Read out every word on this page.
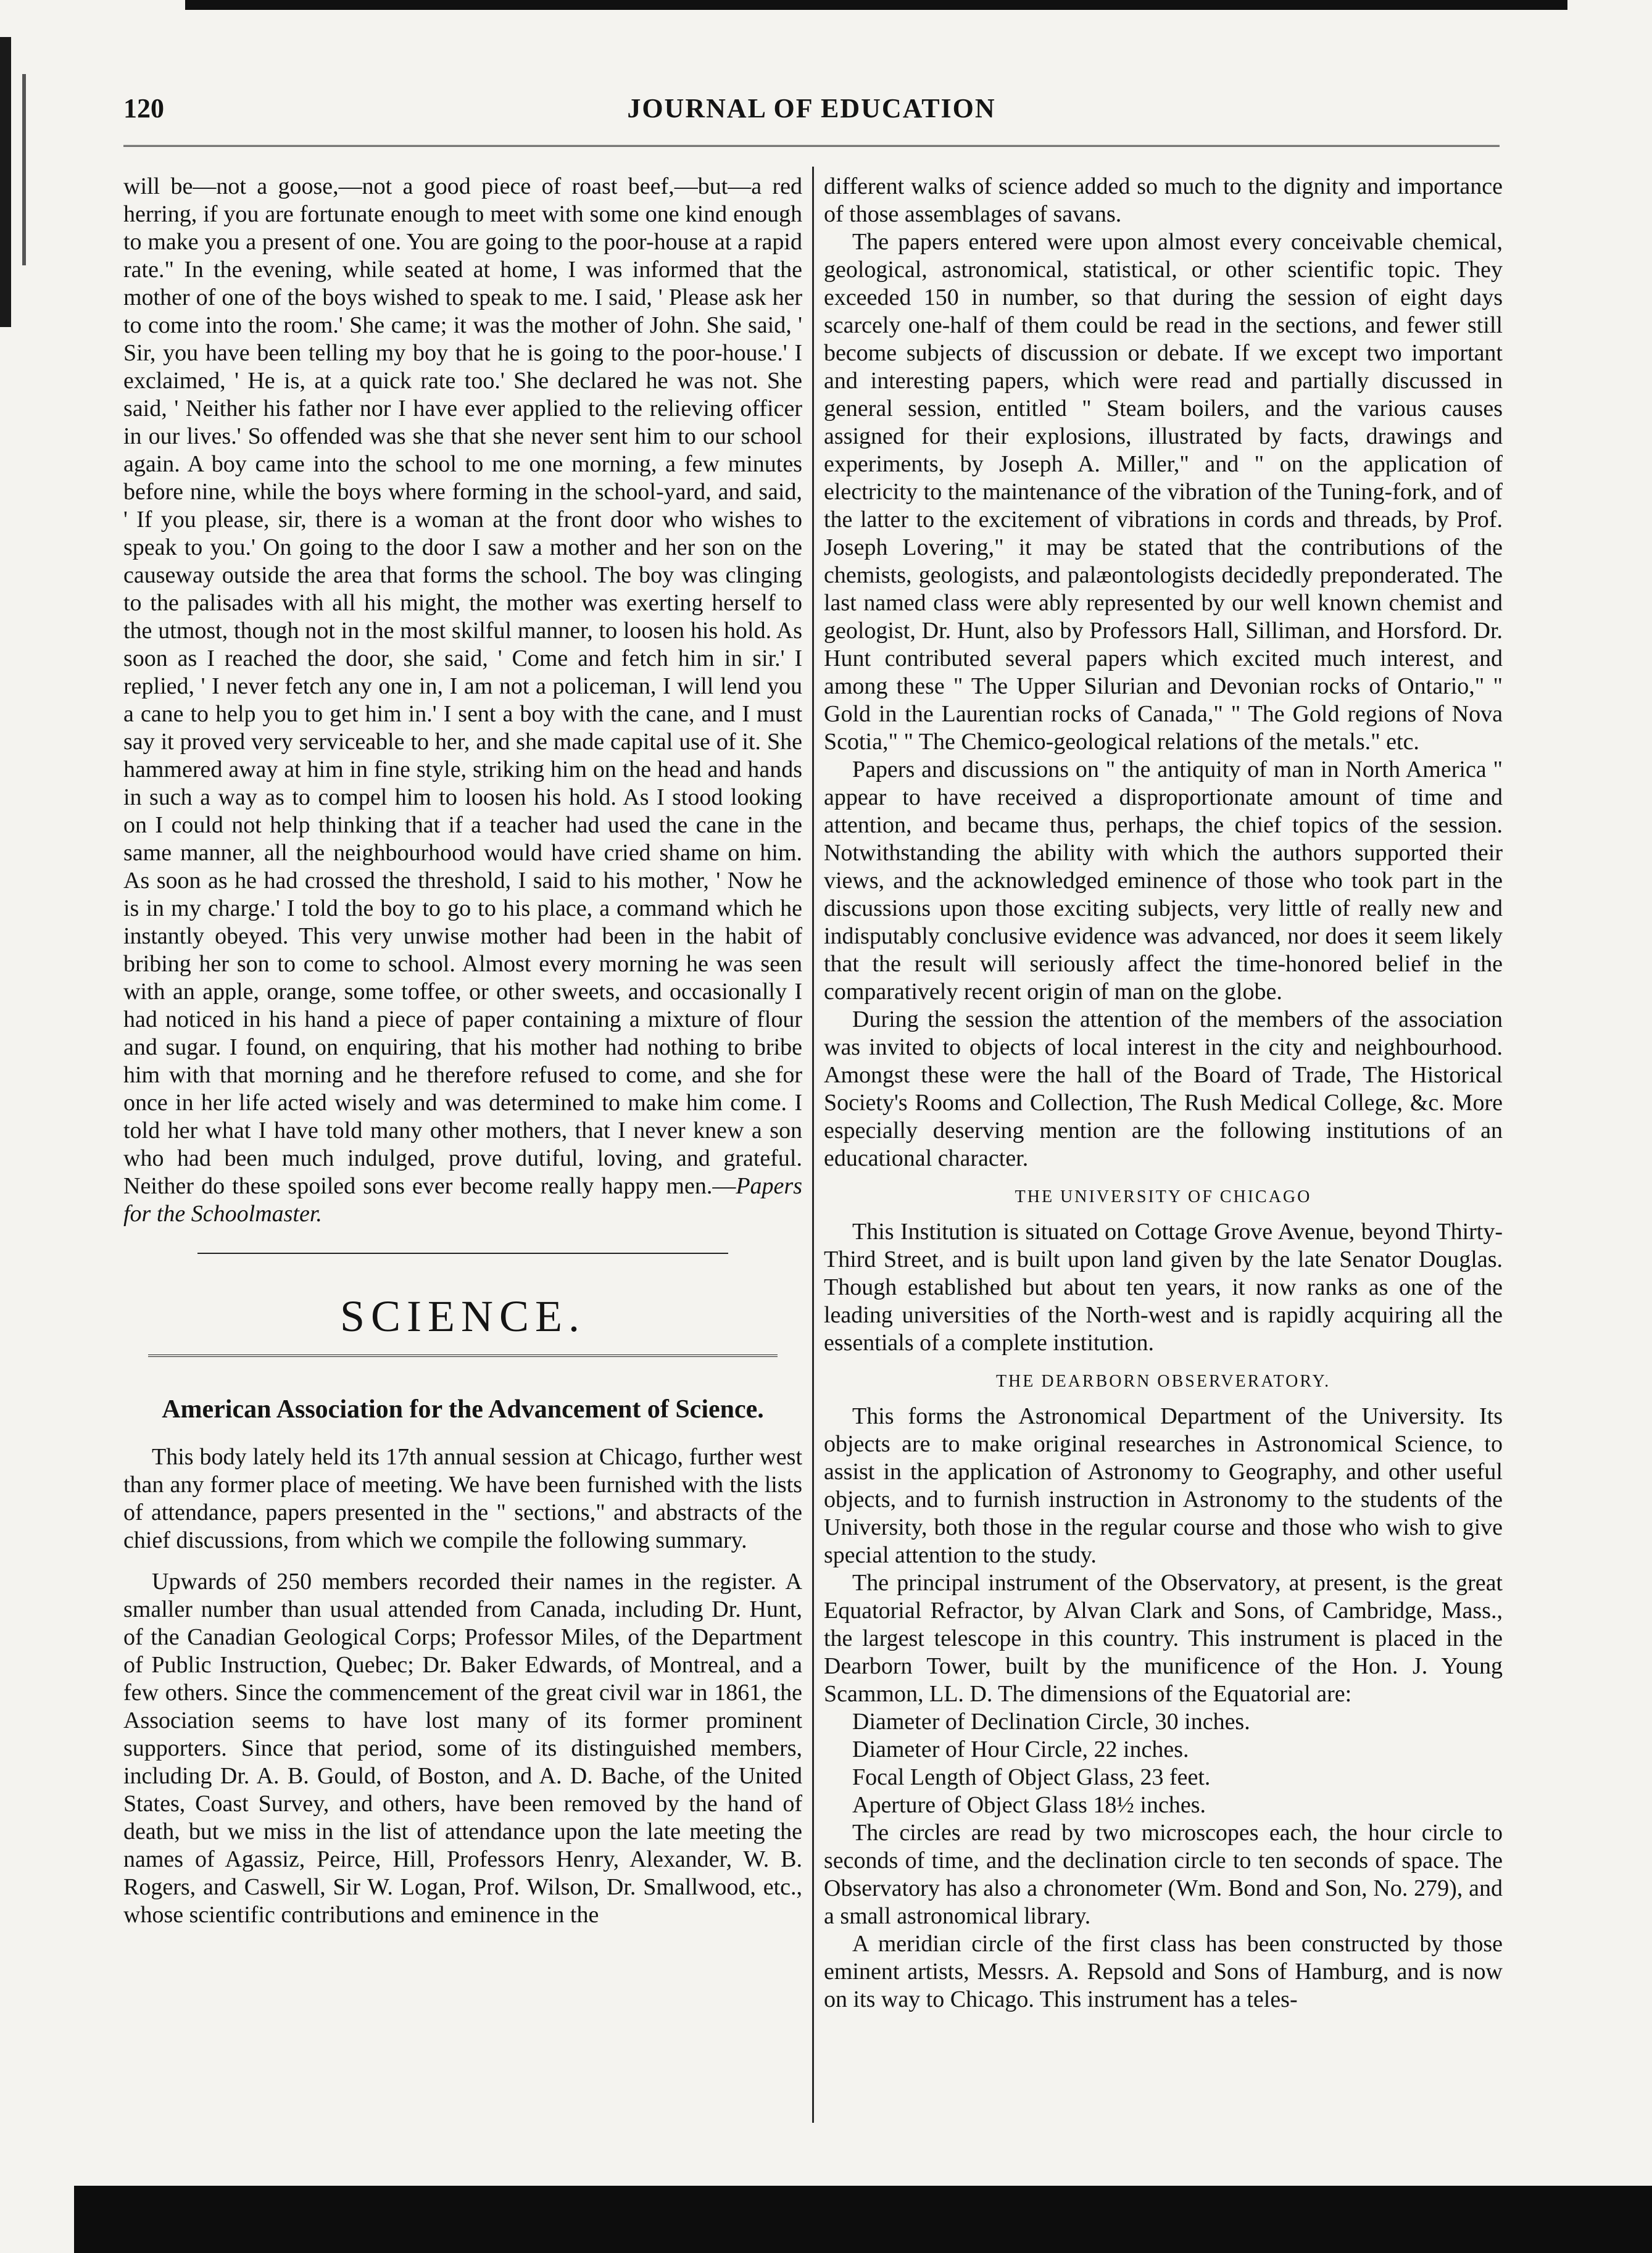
120	JOURNAL OF EDUCATION

will be—not a goose,—not a good piece of roast beef,—but—a red herring, if you are fortunate enough to meet with some one kind enough to make you a present of one. You are going to the poor-house at a rapid rate." In the evening, while seated at home, I was informed that the mother of one of the boys wished to speak to me. I said, ' Please ask her to come into the room.' She came; it was the mother of John. She said, ' Sir, you have been telling my boy that he is going to the poor-house.' I exclaimed, ' He is, at a quick rate too.' She declared he was not. She said, ' Neither his father nor I have ever applied to the relieving officer in our lives.' So offended was she that she never sent him to our school again. A boy came into the school to me one morning, a few minutes before nine, while the boys where forming in the school-yard, and said, ' If you please, sir, there is a woman at the front door who wishes to speak to you.' On going to the door I saw a mother and her son on the causeway outside the area that forms the school. The boy was clinging to the palisades with all his might, the mother was exerting herself to the utmost, though not in the most skilful manner, to loosen his hold. As soon as I reached the door, she said, ' Come and fetch him in sir.' I replied, ' I never fetch any one in, I am not a policeman, I will lend you a cane to help you to get him in.' I sent a boy with the cane, and I must say it proved very serviceable to her, and she made capital use of it. She hammered away at him in fine style, striking him on the head and hands in such a way as to compel him to loosen his hold. As I stood looking on I could not help thinking that if a teacher had used the cane in the same manner, all the neighbourhood would have cried shame on him. As soon as he had crossed the threshold, I said to his mother, ' Now he is in my charge.' I told the boy to go to his place, a command which he instantly obeyed. This very unwise mother had been in the habit of bribing her son to come to school. Almost every morning he was seen with an apple, orange, some toffee, or other sweets, and occasionally I had noticed in his hand a piece of paper containing a mixture of flour and sugar. I found, on enquiring, that his mother had nothing to bribe him with that morning and he therefore refused to come, and she for once in her life acted wisely and was determined to make him come. I told her what I have told many other mothers, that I never knew a son who had been much indulged, prove dutiful, loving, and grateful. Neither do these spoiled sons ever become really happy men.—Papers for the Schoolmaster.

SCIENCE.
American Association for the Advancement of Science.

This body lately held its 17th annual session at Chicago, further west than any former place of meeting. We have been furnished with the lists of attendance, papers presented in the " sections," and abstracts of the chief discussions, from which we compile the following summary.

Upwards of 250 members recorded their names in the register. A smaller number than usual attended from Canada, including Dr. Hunt, of the Canadian Geological Corps; Professor Miles, of the Department of Public Instruction, Quebec; Dr. Baker Edwards, of Montreal, and a few others. Since the commencement of the great civil war in 1861, the Association seems to have lost many of its former prominent supporters. Since that period, some of its distinguished members, including Dr. A. B. Gould, of Boston, and A. D. Bache, of the United States, Coast Survey, and others, have been removed by the hand of death, but we miss in the list of attendance upon the late meeting the names of Agassiz, Peirce, Hill, Professors Henry, Alexander, W. B. Rogers, and Caswell, Sir W. Logan, Prof. Wilson, Dr. Smallwood, etc., whose scientific contributions and eminence in the

different walks of science added so much to the dignity and importance of those assemblages of savans.

The papers entered were upon almost every conceivable chemical, geological, astronomical, statistical, or other scientific topic. They exceeded 150 in number, so that during the session of eight days scarcely one-half of them could be read in the sections, and fewer still become subjects of discussion or debate. If we except two important and interesting papers, which were read and partially discussed in general session, entitled " Steam boilers, and the various causes assigned for their explosions, illustrated by facts, drawings and experiments, by Joseph A. Miller," and " on the application of electricity to the maintenance of the vibration of the Tuning-fork, and of the latter to the excitement of vibrations in cords and threads, by Prof. Joseph Lovering," it may be stated that the contributions of the chemists, geologists, and palæontologists decidedly preponderated. The last named class were ably represented by our well known chemist and geologist, Dr. Hunt, also by Professors Hall, Silliman, and Horsford. Dr. Hunt contributed several papers which excited much interest, and among these " The Upper Silurian and Devonian rocks of Ontario," " Gold in the Laurentian rocks of Canada," " The Gold regions of Nova Scotia," " The Chemico-geological relations of the metals." etc.

Papers and discussions on " the antiquity of man in North America " appear to have received a disproportionate amount of time and attention, and became thus, perhaps, the chief topics of the session. Notwithstanding the ability with which the authors supported their views, and the acknowledged eminence of those who took part in the discussions upon those exciting subjects, very little of really new and indisputably conclusive evidence was advanced, nor does it seem likely that the result will seriously affect the time-honored belief in the comparatively recent origin of man on the globe.

During the session the attention of the members of the association was invited to objects of local interest in the city and neighbourhood. Amongst these were the hall of the Board of Trade, The Historical Society's Rooms and Collection, The Rush Medical College, &c. More especially deserving mention are the following institutions of an educational character.

THE UNIVERSITY OF CHICAGO

This Institution is situated on Cottage Grove Avenue, beyond Thirty-Third Street, and is built upon land given by the late Senator Douglas. Though established but about ten years, it now ranks as one of the leading universities of the North-west and is rapidly acquiring all the essentials of a complete institution.

THE DEARBORN OBSERVERATORY.

This forms the Astronomical Department of the University. Its objects are to make original researches in Astronomical Science, to assist in the application of Astronomy to Geography, and other useful objects, and to furnish instruction in Astronomy to the students of the University, both those in the regular course and those who wish to give special attention to the study.

The principal instrument of the Observatory, at present, is the great Equatorial Refractor, by Alvan Clark and Sons, of Cambridge, Mass., the largest telescope in this country. This instrument is placed in the Dearborn Tower, built by the munificence of the Hon. J. Young Scammon, LL. D. The dimensions of the Equatorial are:

Diameter of Declination Circle, 30 inches.

Diameter of Hour Circle, 22 inches.

Focal Length of Object Glass, 23 feet.

Aperture of Object Glass 18½ inches.

The circles are read by two microscopes each, the hour circle to seconds of time, and the declination circle to ten seconds of space. The Observatory has also a chronometer (Wm. Bond and Son, No. 279), and a small astronomical library.

A meridian circle of the first class has been constructed by those eminent artists, Messrs. A. Repsold and Sons of Hamburg, and is now on its way to Chicago. This instrument has a teles-
